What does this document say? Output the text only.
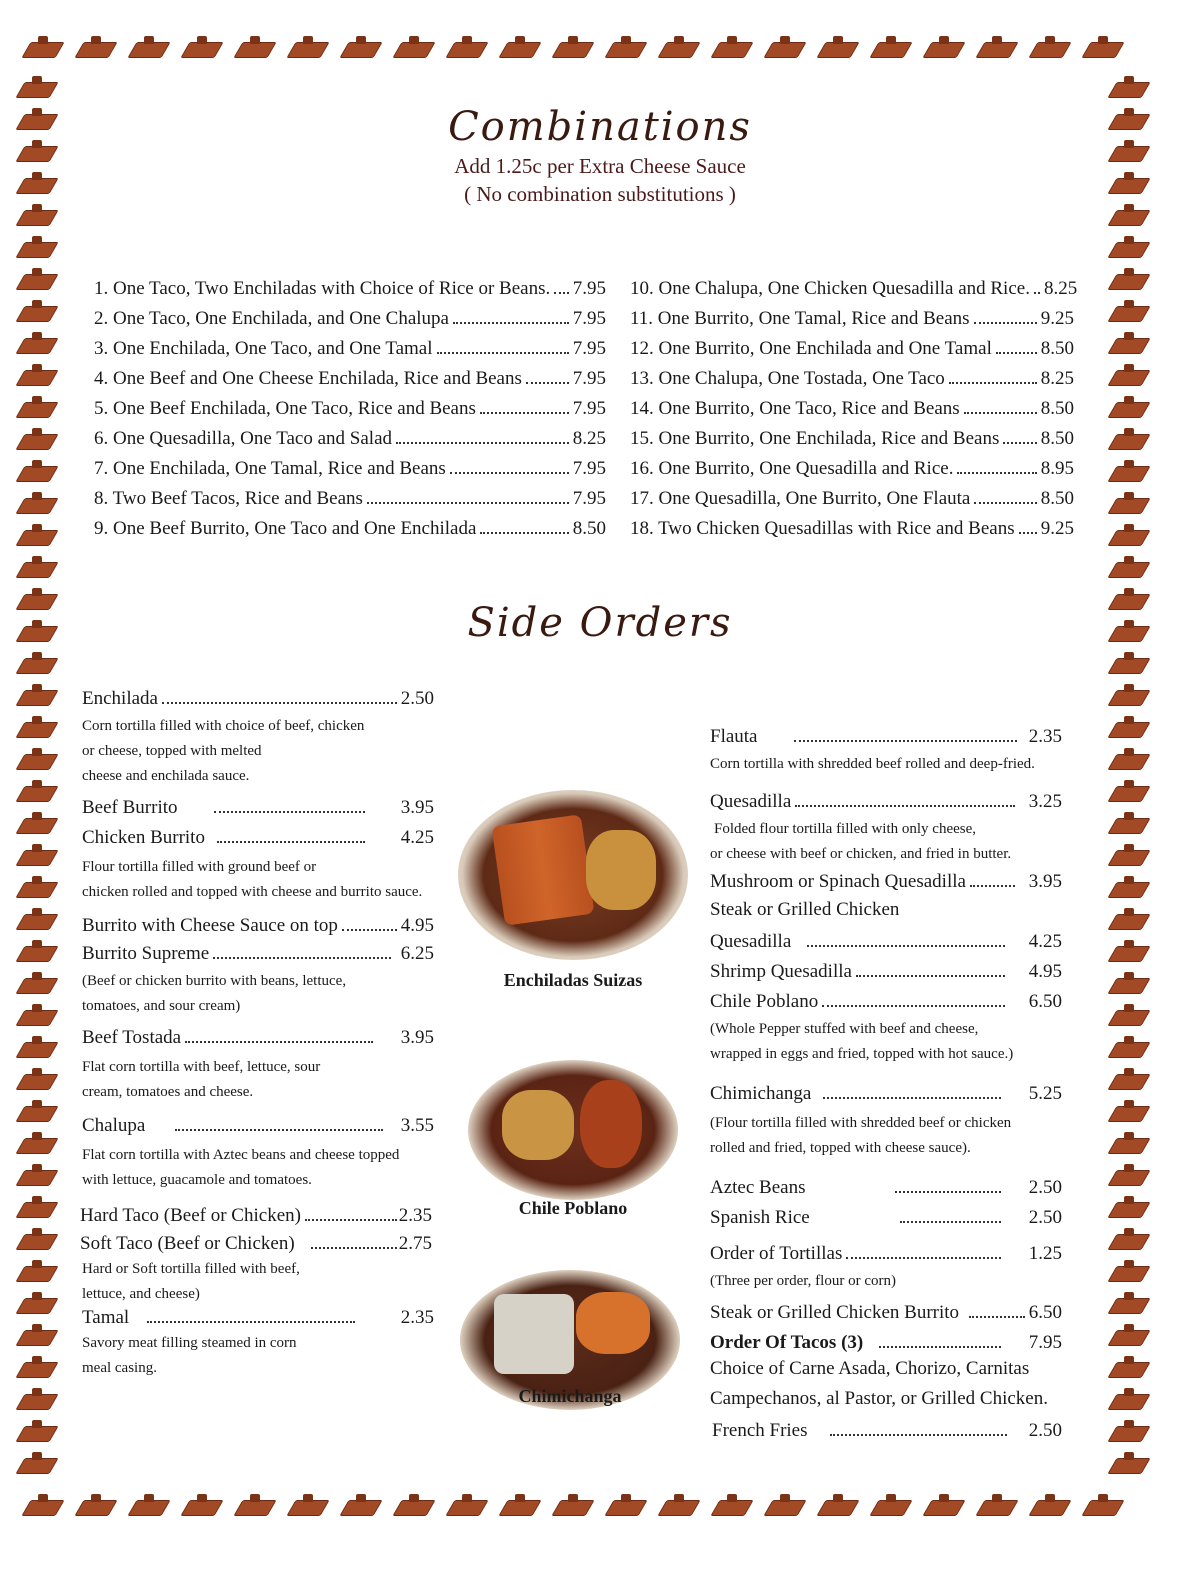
Combinations
Add 1.25c per Extra Cheese Sauce
( No combination substitutions )
1. One Taco, Two Enchiladas with Choice of Rice or Beans. 7.95
2. One Taco, One Enchilada, and One Chalupa	7.95
3. One Enchilada, One Taco, and One Tamal	7.95
4. One Beef and One Cheese Enchilada, Rice and Beans	7.95
5. One Beef Enchilada, One Taco, Rice and Beans	7.95
6. One Quesadilla, One Taco and Salad	8.25
7. One Enchilada, One Tamal, Rice and Beans	7.95
8. Two Beef Tacos, Rice and Beans	7.95
9. One Beef Burrito, One Taco and One Enchilada	8.50
10. One Chalupa, One Chicken Quesadilla and Rice. 8.25
11. One Burrito, One Tamal, Rice and Beans	9.25
12. One Burrito, One Enchilada and One Tamal	8.50
13. One Chalupa, One Tostada, One Taco	8.25
14. One Burrito, One Taco, Rice and Beans	8.50
15. One Burrito, One Enchilada, Rice and Beans 8.50
16. One Burrito, One Quesadilla and Rice.	8.95
17. One Quesadilla, One Burrito, One Flauta	8.50
18. Two Chicken Quesadillas with Rice and Beans 9.25
Side Orders
Enchilada	2.50
Corn tortilla filled with choice of beef, chicken
or cheese, topped with melted
cheese and enchilada sauce.
Beef Burrito	3.95
Chicken Burrito	4.25
Flour tortilla filled with ground beef or
chicken rolled and topped with cheese and burrito sauce.
Burrito with Cheese Sauce on top	4.95
Burrito Supreme	6.25
(Beef or chicken burrito with beans, lettuce,
tomatoes, and sour cream)
Beef Tostada	3.95
Flat corn tortilla with beef, lettuce, sour
cream, tomatoes and cheese.
Chalupa	3.55
Flat corn tortilla with Aztec beans and cheese topped
with lettuce, guacamole and tomatoes.
Hard Taco (Beef or Chicken)	2.35
Soft Taco (Beef or Chicken)	2.75
Hard or Soft tortilla filled with beef,
lettuce, and cheese)
Tamal	2.35
Savory meat filling steamed in corn
meal casing.
Enchiladas Suizas
Chile Poblano
Chimichanga
Flauta	2.35
Corn tortilla with shredded beef rolled and deep-fried.
Quesadilla	3.25
Folded flour tortilla filled with only cheese,
or cheese with beef or chicken, and fried in butter.
Mushroom or Spinach Quesadilla	3.95
Steak or Grilled Chicken
Quesadilla	4.25
Shrimp Quesadilla	4.95
Chile Poblano	6.50
(Whole Pepper stuffed with beef and cheese,
wrapped in eggs and fried, topped with hot sauce.)
Chimichanga	5.25
(Flour tortilla filled with shredded beef or chicken
rolled and fried, topped with cheese sauce).
Aztec Beans	2.50
Spanish Rice	2.50
Order of Tortillas	1.25
(Three per order, flour or corn)
Steak or Grilled Chicken Burrito	6.50
Order Of Tacos (3)	7.95
Choice of Carne Asada, Chorizo, Carnitas
Campechanos, al Pastor, or Grilled Chicken.
French Fries	2.50
